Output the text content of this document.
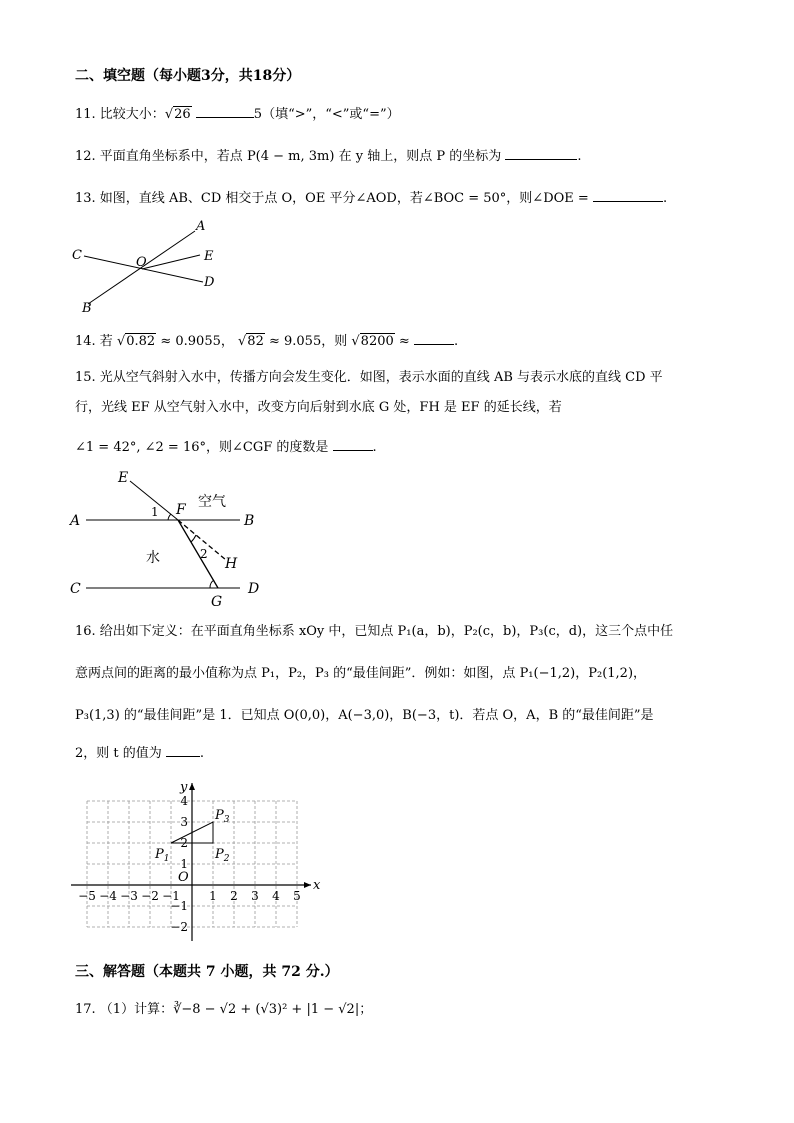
二、填空题（每小题3分，共18分）
11. 比较大小：√26	5（填“>”，“<”或“=”）
12. 平面直角坐标系中，若点 P(4 − m, 3m) 在 y 轴上，则点 P 的坐标为	.
13. 如图，直线 AB、CD 相交于点 O，OE 平分∠AOD，若∠BOC = 50°，则∠DOE =	.
A
B
C
D
E
O
14. 若 √0.82 ≈ 0.9055， √82 ≈ 9.055，则 √8200 ≈	.
15. 光从空气斜射入水中，传播方向会发生变化．如图，表示水面的直线 AB 与表示水底的直线 CD 平
行，光线 EF 从空气射入水中，改变方向后射到水底 G 处，FH 是 EF 的延长线，若
∠1 = 42°, ∠2 = 16°，则∠CGF 的度数是	.
E
F
A	B
C	D
G
H
1
2
空气
水
16. 给出如下定义：在平面直角坐标系 xOy 中，已知点 P₁(a，b)，P₂(c，b)，P₃(c，d)，这三个点中任
意两点间的距离的最小值称为点 P₁，P₂，P₃ 的“最佳间距”．例如：如图，点 P₁(−1,2)，P₂(1,2)，
P₃(1,3) 的“最佳间距”是 1．已知点 O(0,0)，A(−3,0)，B(−3，t)．若点 O，A，B 的“最佳间距”是
2，则 t 的值为	.
x
y
O
−5 −4 −3 −2 −1 1 2 3 4 5
4
3
2
1
−1
−2
$P_1$	$P_2$
$P_3$
三、解答题（本题共 7 小题，共 72 分.）
17. （1）计算：∛−8 − √2 + (√3)² + |1 − √2|；
